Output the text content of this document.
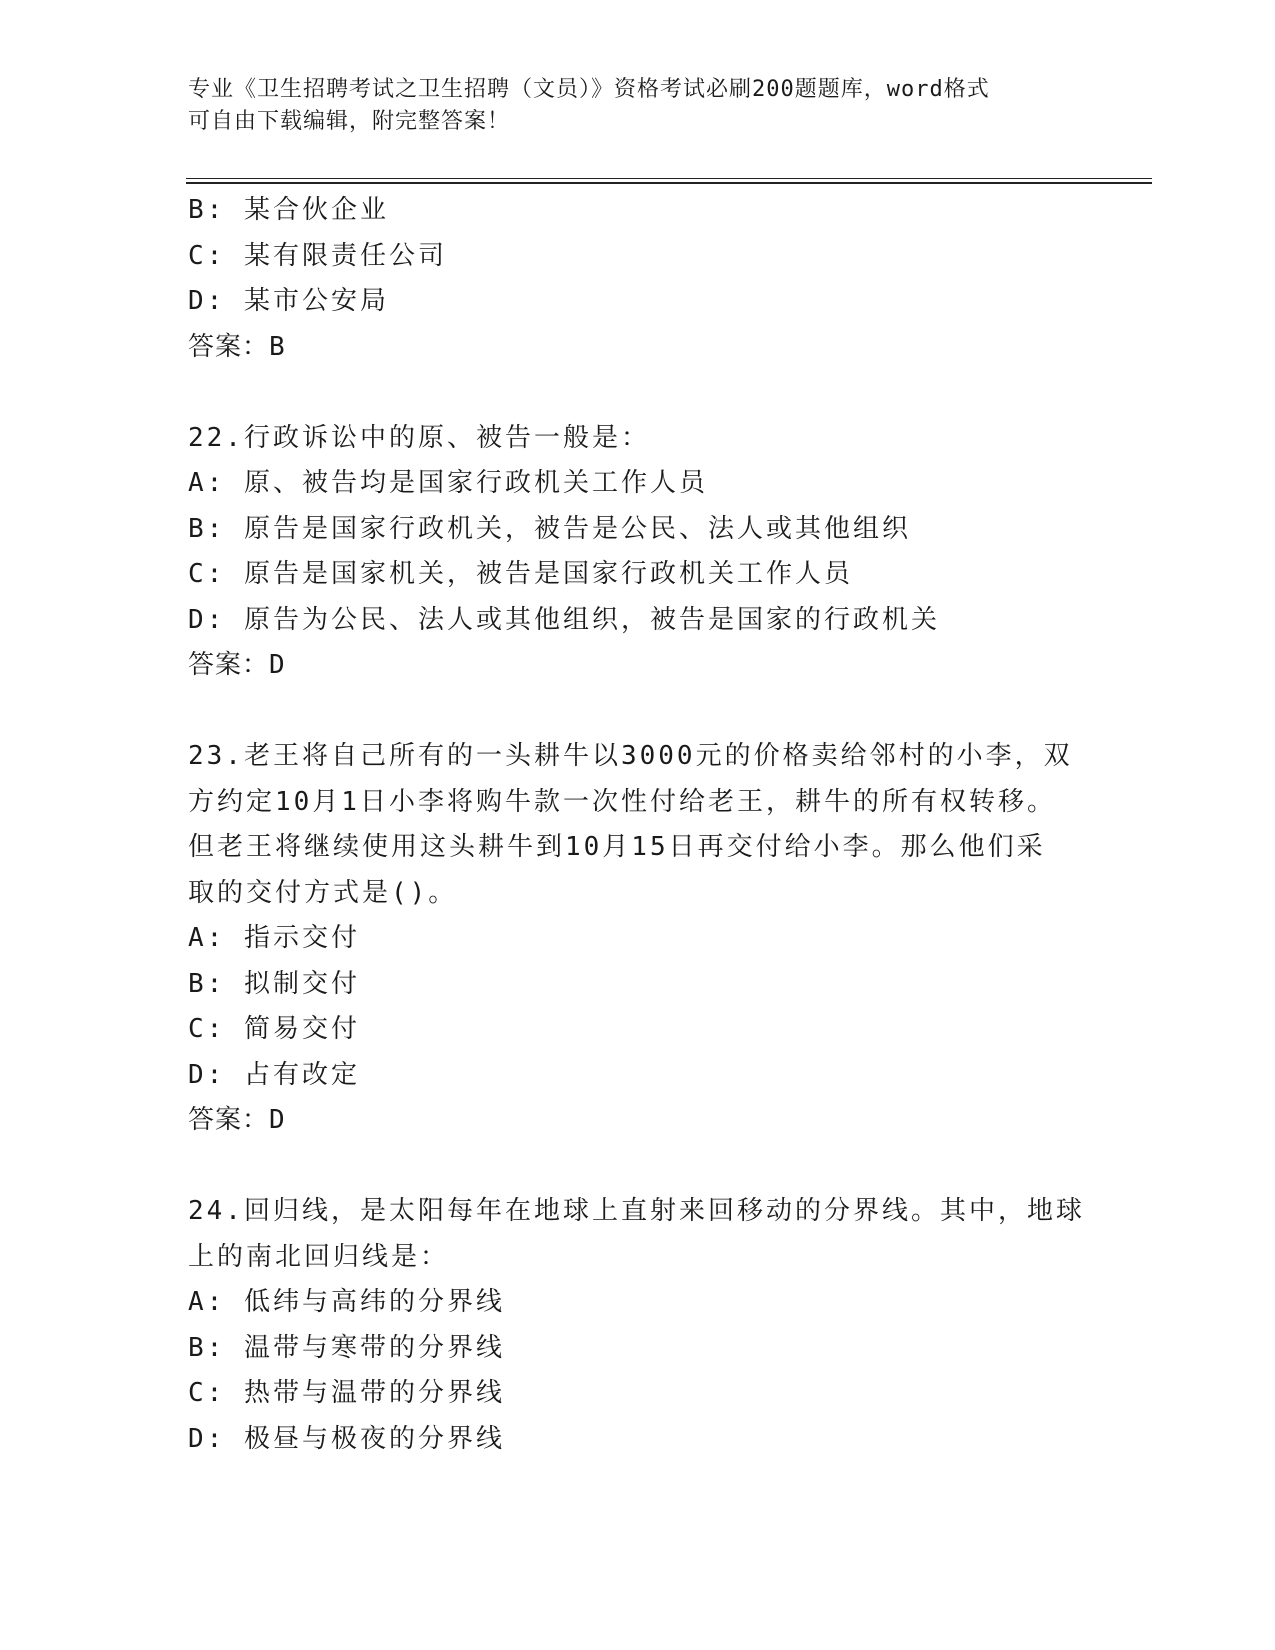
专业《卫生招聘考试之卫生招聘（文员）》资格考试必刷200题题库，word格式
可自由下载编辑，附完整答案！
B: 某合伙企业
C: 某有限责任公司
D: 某市公安局
答案：B
22.行政诉讼中的原、被告一般是：
A: 原、被告均是国家行政机关工作人员
B: 原告是国家行政机关，被告是公民、法人或其他组织
C: 原告是国家机关，被告是国家行政机关工作人员
D: 原告为公民、法人或其他组织，被告是国家的行政机关
答案：D
23.老王将自己所有的一头耕牛以3000元的价格卖给邻村的小李，双
方约定10月1日小李将购牛款一次性付给老王，耕牛的所有权转移。
但老王将继续使用这头耕牛到10月15日再交付给小李。那么他们采
取的交付方式是()。
A: 指示交付
B: 拟制交付
C: 简易交付
D: 占有改定
答案：D
24.回归线，是太阳每年在地球上直射来回移动的分界线。其中，地球
上的南北回归线是：
A: 低纬与高纬的分界线
B: 温带与寒带的分界线
C: 热带与温带的分界线
D: 极昼与极夜的分界线
